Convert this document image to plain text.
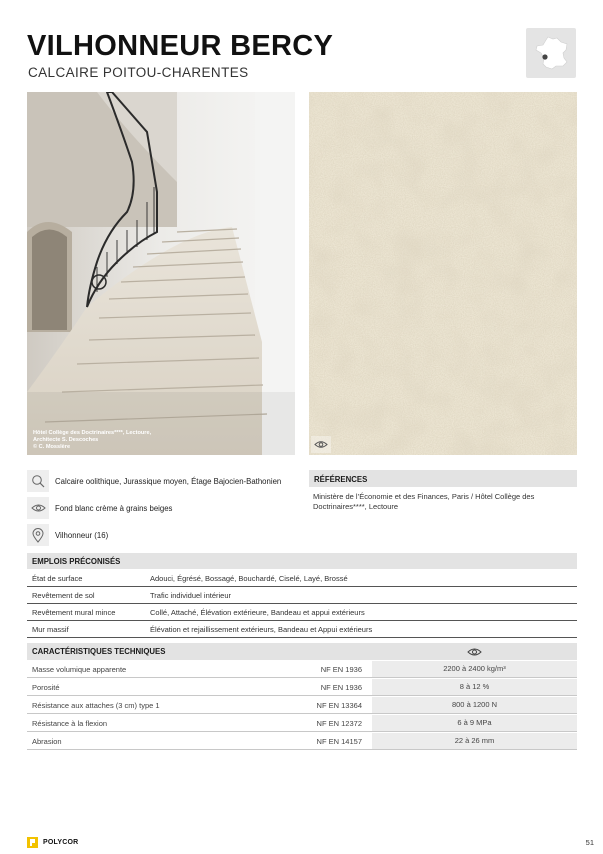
VILHONNEUR BERCY
CALCAIRE POITOU-CHARENTES
Hôtel Collège des Doctrinaires****, Lectoure,
Architecte S. Descoches
© C. Mosslère
Calcaire oolithique, Jurassique moyen, Étage Bajocien-Bathonien
Fond blanc crème à grains beiges
Vilhonneur (16)
RÉFÉRENCES
Ministère de l’Économie et des Finances, Paris / Hôtel Collège des Doctrinaires****, Lectoure
EMPLOIS PRÉCONISÉS
État de surface	Adouci, Égrésé, Bossagé, Bouchardé, Ciselé, Layé, Brossé
Revêtement de sol	Trafic individuel intérieur
Revêtement mural mince	Collé, Attaché, Élévation extérieure, Bandeau et appui extérieurs
Mur massif	Élévation et rejaillissement extérieurs, Bandeau et Appui extérieurs
CARACTÉRISTIQUES TECHNIQUES
Masse volumique apparente	NF EN 1936	2200 à 2400 kg/m³
Porosité	NF EN 1936	8 à 12 %
Résistance aux attaches (3 cm) type 1	NF EN 13364	800 à 1200 N
Résistance à la flexion	NF EN 12372	6 à 9 MPa
Abrasion	NF EN 14157	22 à 26 mm
POLYCOR	51
